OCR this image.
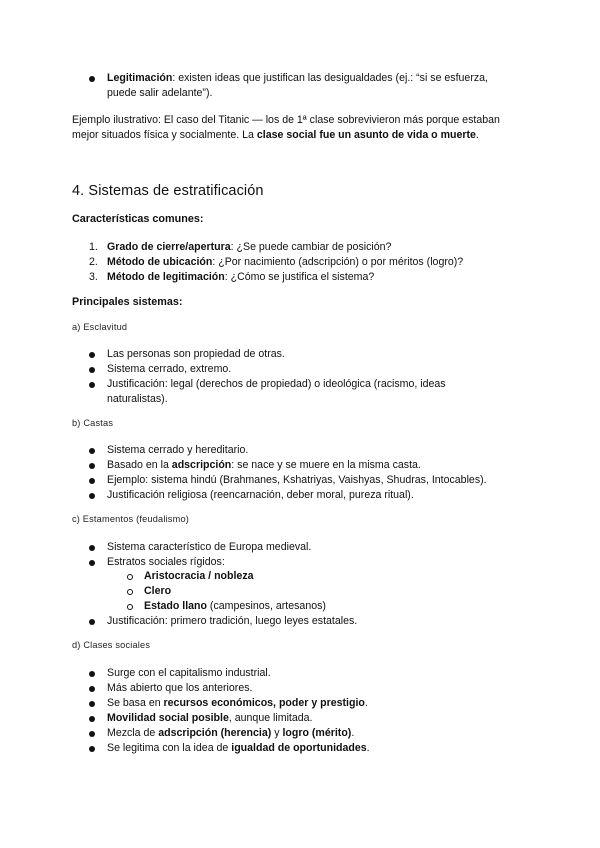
Legitimación: existen ideas que justifican las desigualdades (ej.: “si se esfuerza,
puede salir adelante”).
Ejemplo ilustrativo: El caso del Titanic — los de 1ª clase sobrevivieron más porque estaban
mejor situados física y socialmente. La clase social fue un asunto de vida o muerte.
4. Sistemas de estratificación
Características comunes:
1. Grado de cierre/apertura: ¿Se puede cambiar de posición?
2. Método de ubicación: ¿Por nacimiento (adscripción) o por méritos (logro)?
3. Método de legitimación: ¿Cómo se justifica el sistema?
Principales sistemas:
a) Esclavitud
Las personas son propiedad de otras.
Sistema cerrado, extremo.
Justificación: legal (derechos de propiedad) o ideológica (racismo, ideas
naturalistas).
b) Castas
Sistema cerrado y hereditario.
Basado en la adscripción: se nace y se muere en la misma casta.
Ejemplo: sistema hindú (Brahmanes, Kshatriyas, Vaishyas, Shudras, Intocables).
Justificación religiosa (reencarnación, deber moral, pureza ritual).
c) Estamentos (feudalismo)
Sistema característico de Europa medieval.
Estratos sociales rígidos:
Aristocracia / nobleza
Clero
Estado llano (campesinos, artesanos)
Justificación: primero tradición, luego leyes estatales.
d) Clases sociales
Surge con el capitalismo industrial.
Más abierto que los anteriores.
Se basa en recursos económicos, poder y prestigio.
Movilidad social posible, aunque limitada.
Mezcla de adscripción (herencia) y logro (mérito).
Se legitima con la idea de igualdad de oportunidades.
